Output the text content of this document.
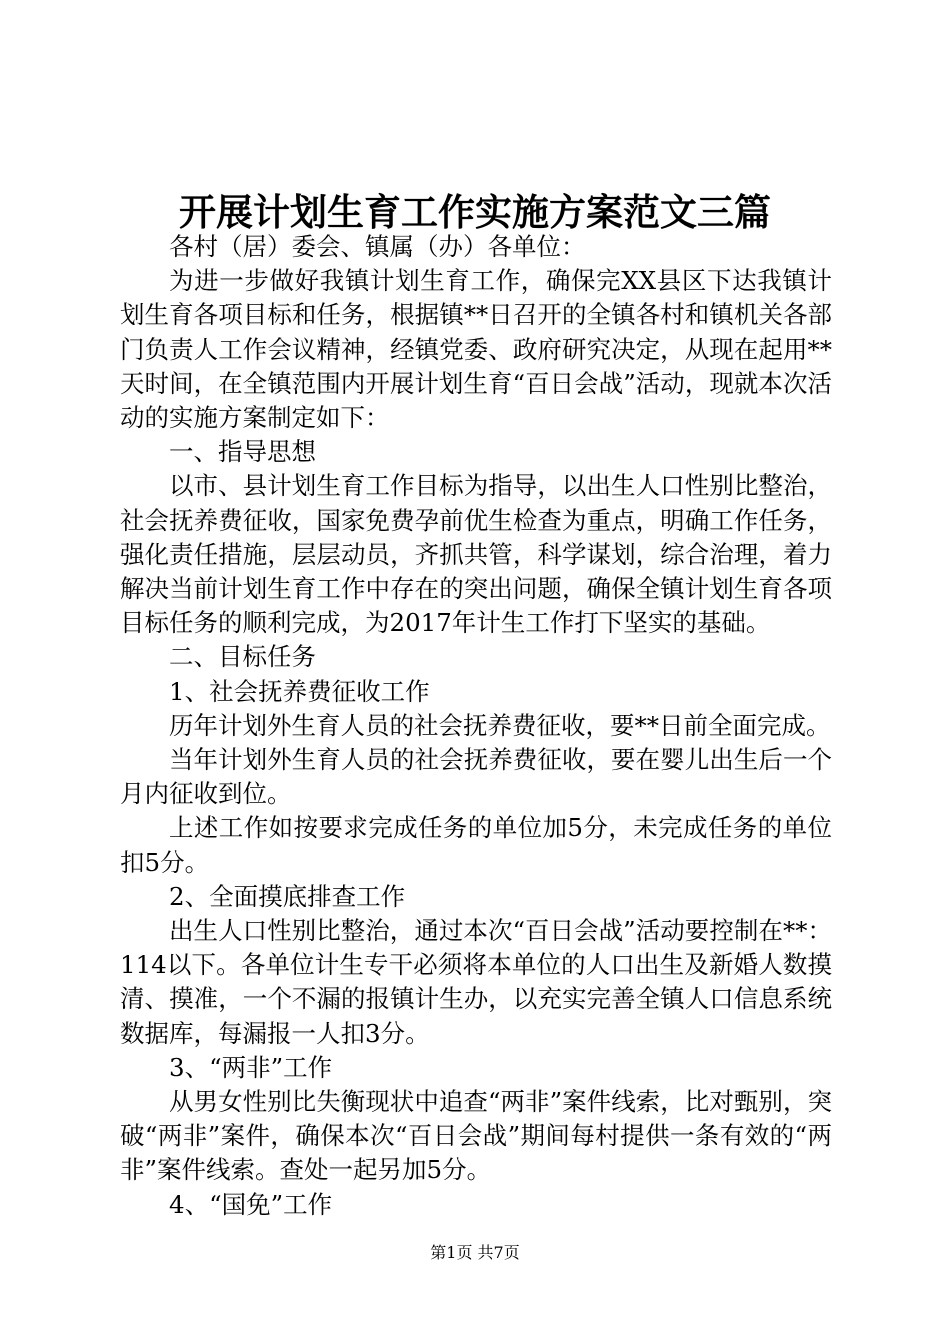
开展计划生育工作实施方案范文三篇

各村（居）委会、镇属（办）各单位：

为进一步做好我镇计划生育工作，确保完XX县区下达我镇计划生育各项目标和任务，根据镇**日召开的全镇各村和镇机关各部门负责人工作会议精神，经镇党委、政府研究决定，从现在起用**天时间，在全镇范围内开展计划生育“百日会战”活动，现就本次活动的实施方案制定如下：

一、指导思想

以市、县计划生育工作目标为指导，以出生人口性别比整治，社会抚养费征收，国家免费孕前优生检查为重点，明确工作任务，强化责任措施，层层动员，齐抓共管，科学谋划，综合治理，着力解决当前计划生育工作中存在的突出问题，确保全镇计划生育各项目标任务的顺利完成，为2017年计生工作打下坚实的基础。

二、目标任务

1、社会抚养费征收工作

历年计划外生育人员的社会抚养费征收，要**日前全面完成。

当年计划外生育人员的社会抚养费征收，要在婴儿出生后一个月内征收到位。

上述工作如按要求完成任务的单位加5分，未完成任务的单位扣5分。

2、全面摸底排查工作

出生人口性别比整治，通过本次“百日会战”活动要控制在**：114以下。各单位计生专干必须将本单位的人口出生及新婚人数摸清、摸准，一个不漏的报镇计生办，以充实完善全镇人口信息系统数据库，每漏报一人扣3分。

3、“两非”工作

从男女性别比失衡现状中追查“两非”案件线索，比对甄别，突破“两非”案件，确保本次“百日会战”期间每村提供一条有效的“两非”案件线索。查处一起另加5分。

4、“国免”工作

第1页 共7页
